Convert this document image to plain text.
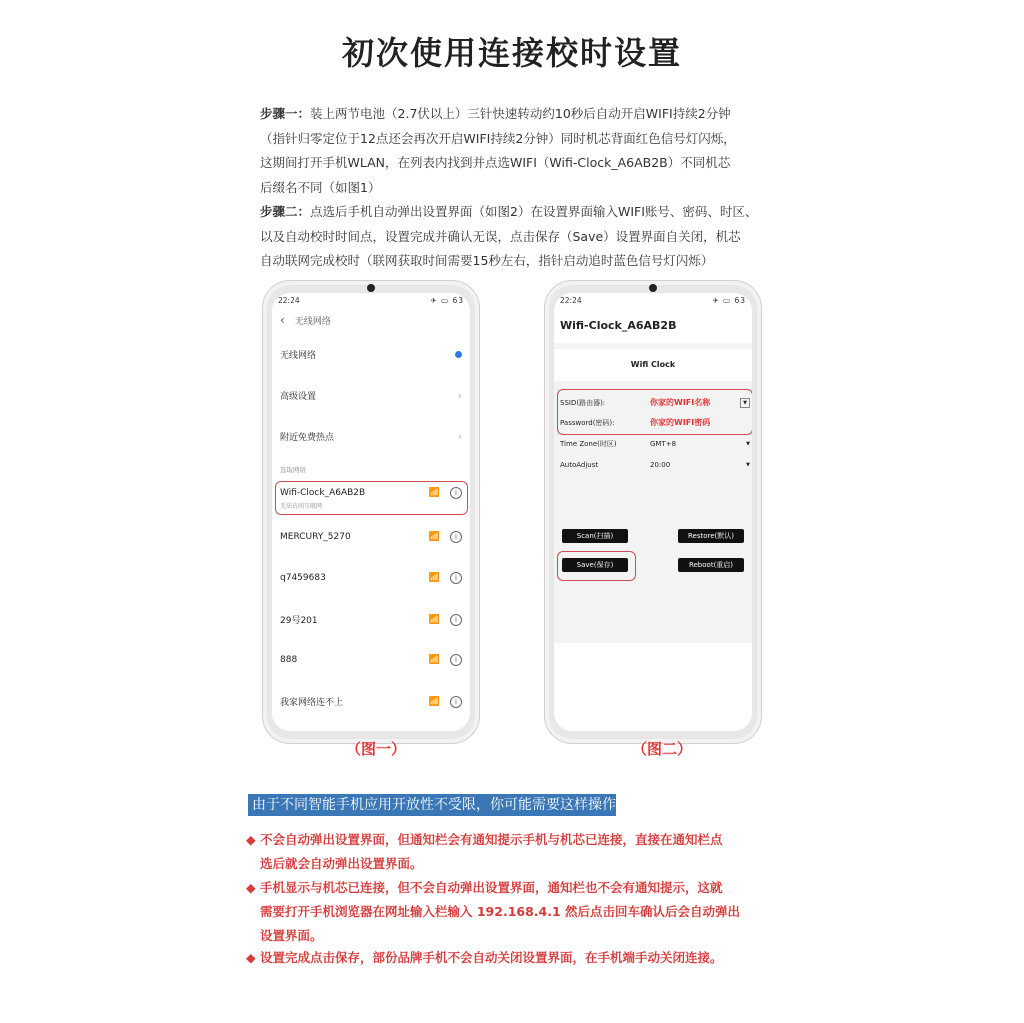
初次使用连接校时设置

步骤一：装上两节电池（2.7伏以上）三针快速转动约10秒后自动开启WIFI持续2分钟

（指针归零定位于12点还会再次开启WIFI持续2分钟）同时机芯背面红色信号灯闪烁，

这期间打开手机WLAN，在列表内找到并点选WIFI（Wifi-Clock_A6AB2B）不同机芯

后缀名不同（如图1）

步骤二：点选后手机自动弹出设置界面（如图2）在设置界面输入WIFI账号、密码、时区、

以及自动校时时间点，设置完成并确认无误，点击保存（Save）设置界面自关闭，机芯

自动联网完成校时（联网获取时间需要15秒左右，指针启动追时蓝色信号灯闪烁）

22:24	✈ ▭ 63
‹ 无线网络
无线网络
高级设置	›
附近免费热点	›
选取网络
Wifi-Clock_A6AB2B	📶	i
无法访问互联网
MERCURY_5270	📶	i
q7459683	📶	i
29号201	📶	i
888	📶	i
我家网络连不上	📶	i
（图一）
22:24	✈ ▭ 63
Wifi-Clock_A6AB2B
Wifi Clock
SSID(路由器):	你家的WIFI名称	▼
Password(密码):	你家的WIFI密码
Time Zone(时区)	GMT+8	▼
AutoAdjust	20:00	▼
Scan(扫描)	Restore(默认)
Save(保存)	Reboot(重启)
（图二）
由于不同智能手机应用开放性不受限，你可能需要这样操作

◆ 不会自动弹出设置界面，但通知栏会有通知提示手机与机芯已连接，直接在通知栏点

选后就会自动弹出设置界面。

◆ 手机显示与机芯已连接，但不会自动弹出设置界面，通知栏也不会有通知提示，这就

需要打开手机浏览器在网址输入栏输入 192.168.4.1 然后点击回车确认后会自动弹出

设置界面。

◆ 设置完成点击保存，部份品牌手机不会自动关闭设置界面，在手机端手动关闭连接。
